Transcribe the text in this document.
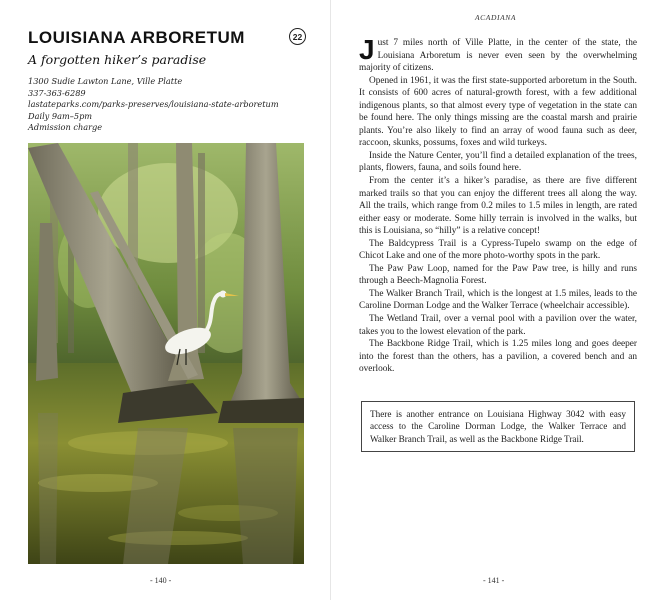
LOUISIANA ARBORETUM	22
A forgotten hiker’s paradise
1300 Sudie Lawton Lane, Ville Platte
337-363-6289
lastateparks.com/parks-preserves/louisiana-state-arboretum
Daily 9am–5pm
Admission charge
- 140 -
ACADIANA

Just 7 miles north of Ville Platte, in the center of the state, the Louisiana Arboretum is never even seen by the overwhelming majority of citizens.

Opened in 1961, it was the first state-supported arboretum in the South. It consists of 600 acres of natural-growth forest, with a few additional indigenous plants, so that almost every type of vegetation in the state can be found here. The only things missing are the coastal marsh and prairie plants. You’re also likely to find an array of wood fauna such as deer, raccoon, skunks, possums, foxes and wild turkeys.

Inside the Nature Center, you’ll find a detailed explanation of the trees, plants, flowers, fauna, and soils found here.

From the center it’s a hiker’s paradise, as there are five different marked trails so that you can enjoy the different trees all along the way. All the trails, which range from 0.2 miles to 1.5 miles in length, are rated either easy or moderate. Some hilly terrain is involved in the walks, but this is Louisiana, so “hilly” is a relative concept!

The Baldcypress Trail is a Cypress-Tupelo swamp on the edge of Chicot Lake and one of the more photo-worthy spots in the park.

The Paw Paw Loop, named for the Paw Paw tree, is hilly and runs through a Beech-Magnolia Forest.

The Walker Branch Trail, which is the longest at 1.5 miles, leads to the Caroline Dorman Lodge and the Walker Terrace (wheelchair accessible).

The Wetland Trail, over a vernal pool with a pavilion over the water, takes you to the lowest elevation of the park.

The Backbone Ridge Trail, which is 1.25 miles long and goes deeper into the forest than the others, has a pavilion, a covered bench and an overlook.

There is another entrance on Louisiana Highway 3042 with easy access to the Caroline Dorman Lodge, the Walker Terrace and Walker Branch Trail, as well as the Backbone Ridge Trail.
- 141 -
